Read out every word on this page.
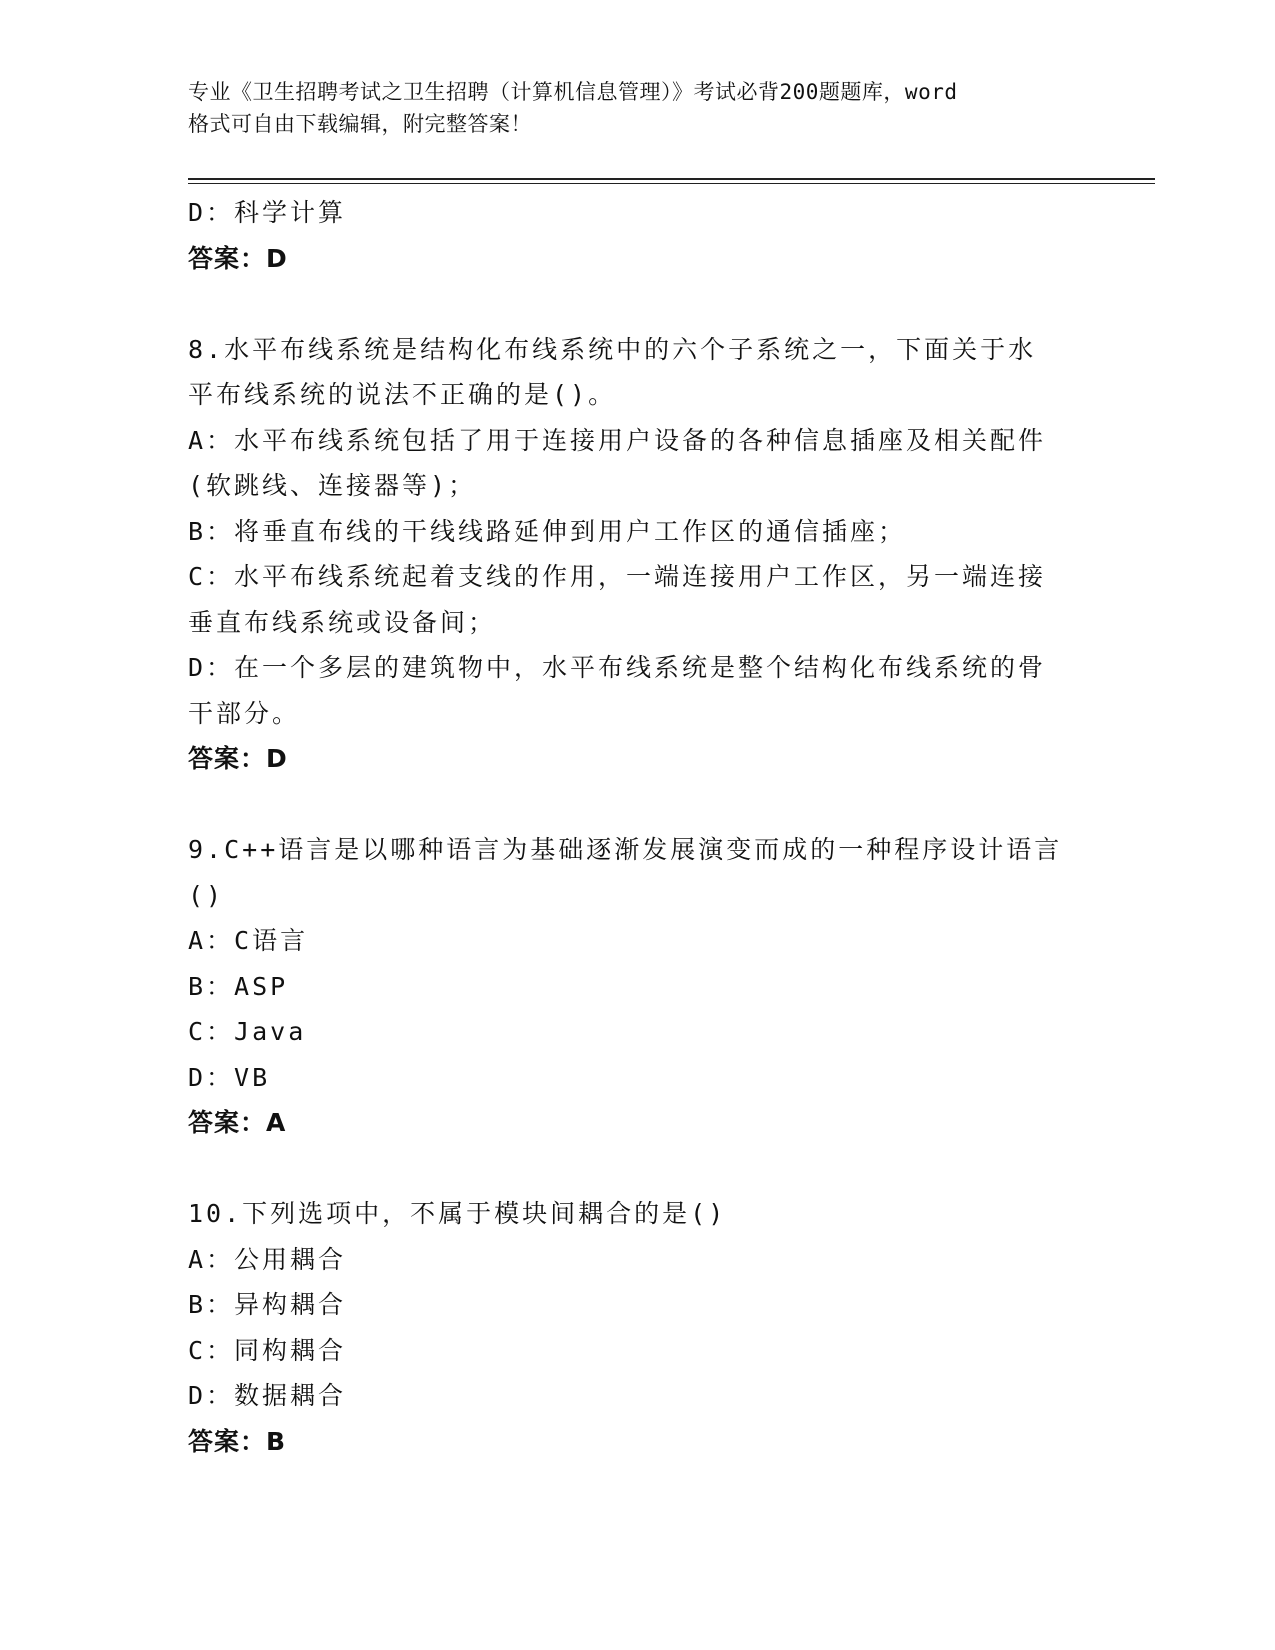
专业《卫生招聘考试之卫生招聘（计算机信息管理）》考试必背200题题库，word
格式可自由下载编辑，附完整答案！
D：科学计算
答案：D
8.水平布线系统是结构化布线系统中的六个子系统之一，下面关于水
平布线系统的说法不正确的是()。
A：水平布线系统包括了用于连接用户设备的各种信息插座及相关配件
(软跳线、连接器等)；
B：将垂直布线的干线线路延伸到用户工作区的通信插座；
C：水平布线系统起着支线的作用，一端连接用户工作区，另一端连接
垂直布线系统或设备间；
D：在一个多层的建筑物中，水平布线系统是整个结构化布线系统的骨
干部分。
答案：D
9.C++语言是以哪种语言为基础逐渐发展演变而成的一种程序设计语言
()
A：C语言
B：ASP
C：Java
D：VB
答案：A
10.下列选项中，不属于模块间耦合的是()
A：公用耦合
B：异构耦合
C：同构耦合
D：数据耦合
答案：B
